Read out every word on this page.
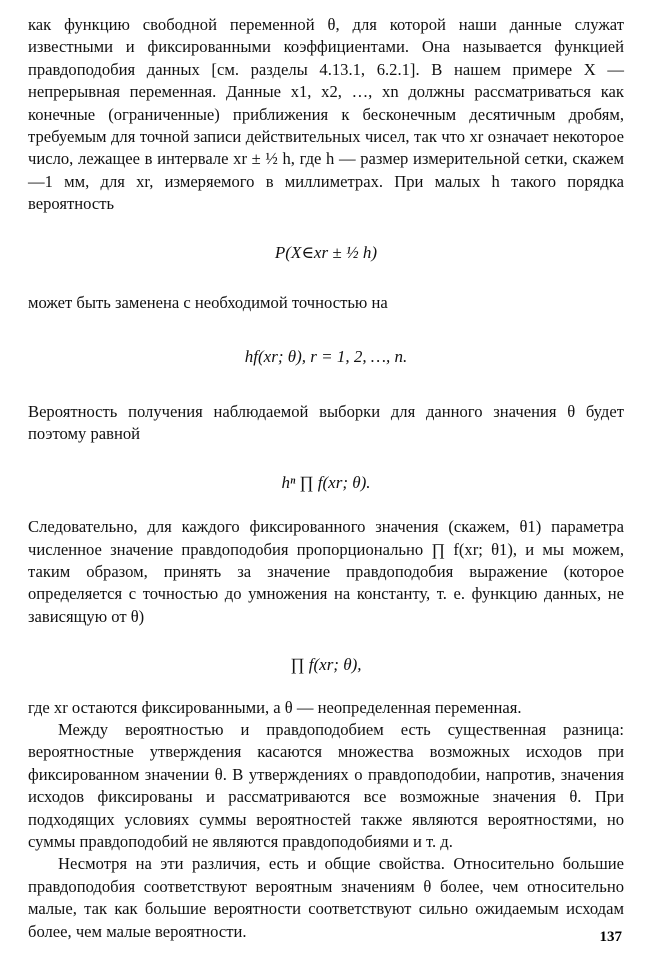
как функцию свободной переменной θ, для которой наши данные служат известными и фиксированными коэффициентами. Она называется функцией правдоподобия данных [см. разделы 4.13.1, 6.2.1]. В нашем примере X — непрерывная переменная. Данные x1, x2, …, xn должны рассматриваться как конечные (ограниченные) приближения к бесконечным десятичным дробям, требуемым для точной записи действительных чисел, так что xr означает некоторое число, лежащее в интервале xr ± ½ h, где h — размер измерительной сетки, скажем —1 мм, для xr, измеряемого в миллиметрах. При малых h такого порядка вероятность

P(X∈xr ± ½ h)

может быть заменена с необходимой точностью на

hf(xr; θ), r = 1, 2, …, n.

Вероятность получения наблюдаемой выборки для данного значения θ будет поэтому равной

hⁿ ∏ f(xr; θ).

Следовательно, для каждого фиксированного значения (скажем, θ1) параметра численное значение правдоподобия пропорционально ∏ f(xr; θ1), и мы можем, таким образом, принять за значение правдоподобия выражение (которое определяется с точностью до умножения на константу, т. е. функцию данных, не зависящую от θ)

∏ f(xr; θ),

где xr остаются фиксированными, а θ — неопределенная переменная.

Между вероятностью и правдоподобием есть существенная разница: вероятностные утверждения касаются множества возможных исходов при фиксированном значении θ. В утверждениях о правдоподобии, напротив, значения исходов фиксированы и рассматриваются все возможные значения θ. При подходящих условиях суммы вероятностей также являются вероятностями, но суммы правдоподобий не являются правдоподобиями и т. д.

Несмотря на эти различия, есть и общие свойства. Относительно большие правдоподобия соответствуют вероятным значениям θ более, чем относительно малые, так как большие вероятности соответствуют сильно ожидаемым исходам более, чем малые вероятности.	137
